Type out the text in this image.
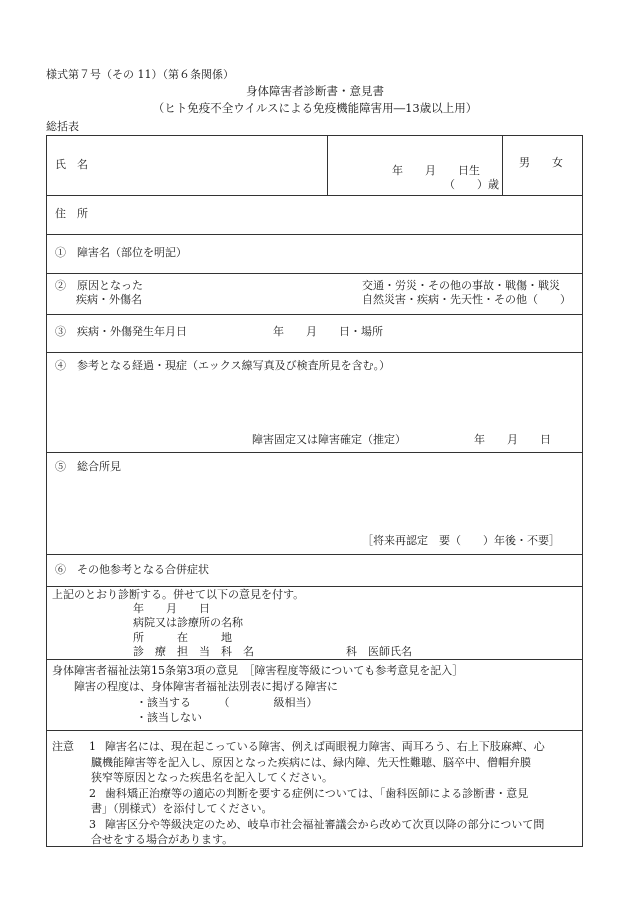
様式第７号（その 11）（第６条関係）
身体障害者診断書・意見書
（ヒト免疫不全ウイルスによる免疫機能障害用―13歳以上用）
総括表
氏　名	年　　月　　日生
（　　）歳
男　　女
住　所
①　障害名（部位を明記）
②　原因となった
疾病・外傷名
交通・労災・その他の事故・戦傷・戦災
自然災害・疾病・先天性・その他（　　）
③　疾病・外傷発生年月日	年　　月　　日・場所
④　参考となる経過・現症（エックス線写真及び検査所見を含む。）
障害固定又は障害確定（推定）	年　　月　　日
⑤　総合所見
［将来再認定　要（　　）年後・不要］
⑥　その他参考となる合併症状
上記のとおり診断する。併せて以下の意見を付す。
年　　月　　日
病院又は診療所の名称
所　　　在　　　地
診　療　担　当　科　名	科　医師氏名
身体障害者福祉法第15条第3項の意見　［障害程度等級についても参考意見を記入］
障害の程度は、身体障害者福祉法別表に掲げる障害に
・該当する　　　（　　　　級相当）
・該当しない
注意 1 障害名には、現在起こっている障害、例えば両眼視力障害、両耳ろう、右上下肢麻痺、心
臓機能障害等を記入し、原因となった疾病には、緑内障、先天性難聴、脳卒中、僧帽弁膜
狭窄等原因となった疾患名を記入してください。
2 歯科矯正治療等の適応の判断を要する症例については、「歯科医師による診断書・意見
書」（別様式）を添付してください。
3 障害区分や等級決定のため、岐阜市社会福祉審議会から改めて次頁以降の部分について問
合せをする場合があります。
